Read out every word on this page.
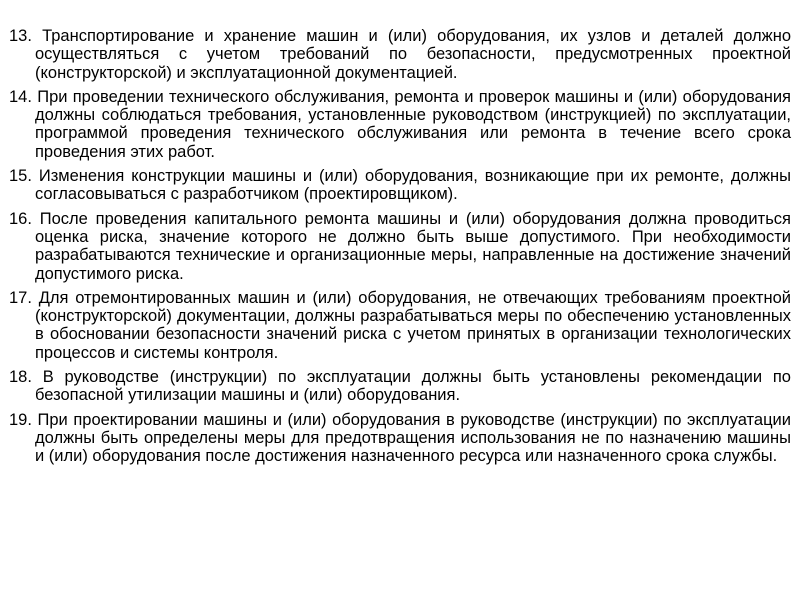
13. Транспортирование и хранение машин и (или) оборудования, их узлов и деталей должно осуществляться с учетом требований по безопасности, предусмотренных проектной (конструкторской) и эксплуатационной документацией.

14. При проведении технического обслуживания, ремонта и проверок машины и (или) оборудования должны соблюдаться требования, установленные руководством (инструкцией) по эксплуатации, программой проведения технического обслуживания или ремонта в течение всего срока проведения этих работ.

15. Изменения конструкции машины и (или) оборудования, возникающие при их ремонте, должны согласовываться с разработчиком (проектировщиком).

16. После проведения капитального ремонта машины и (или) оборудования должна проводиться оценка риска, значение которого не должно быть выше допустимого. При необходимости разрабатываются технические и организационные меры, направленные на достижение значений допустимого риска.

17. Для отремонтированных машин и (или) оборудования, не отвечающих требованиям проектной (конструкторской) документации, должны разрабатываться меры по обеспечению установленных в обосновании безопасности значений риска с учетом принятых в организации технологических процессов и системы контроля.

18. В руководстве (инструкции) по эксплуатации должны быть установлены рекомендации по безопасной утилизации машины и (или) оборудования.

19. При проектировании машины и (или) оборудования в руководстве (инструкции) по эксплуатации должны быть определены меры для предотвращения использования не по назначению машины и (или) оборудования после достижения назначенного ресурса или назначенного срока службы.
